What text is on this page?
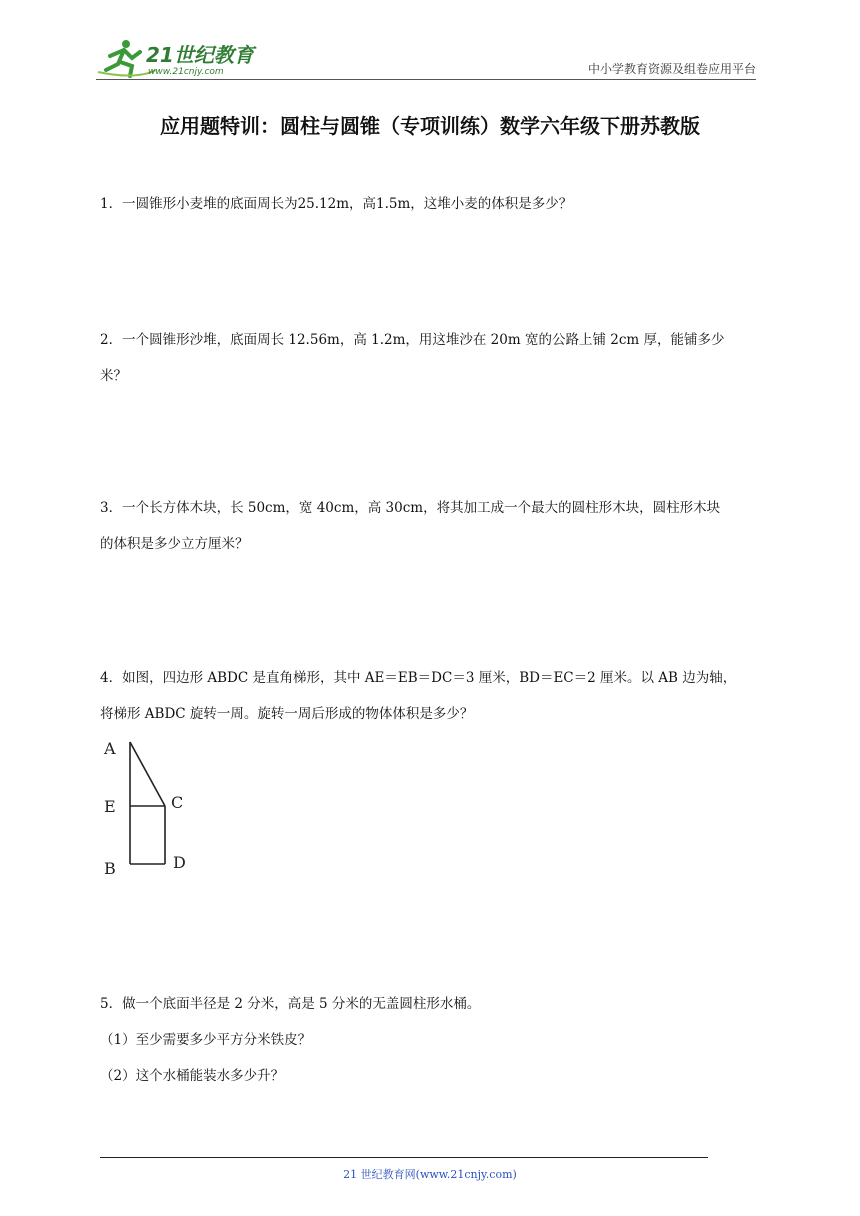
21世纪教育
www.21cnjy.com	中小学教育资源及组卷应用平台
应用题特训：圆柱与圆锥（专项训练）数学六年级下册苏教版

1．一圆锥形小麦堆的底面周长为25.12m，高1.5m，这堆小麦的体积是多少？

2．一个圆锥形沙堆，底面周长 12.56m，高 1.2m，用这堆沙在 20m 宽的公路上铺 2cm 厚，能铺多少

米？

3．一个长方体木块，长 50cm，宽 40cm，高 30cm，将其加工成一个最大的圆柱形木块，圆柱形木块

的体积是多少立方厘米？

4．如图，四边形 ABDC 是直角梯形，其中 AE＝EB＝DC＝3 厘米，BD＝EC＝2 厘米。以 AB 边为轴，

将梯形 ABDC 旋转一周。旋转一周后形成的物体体积是多少？

A
E
B
C
D

5．做一个底面半径是 2 分米，高是 5 分米的无盖圆柱形水桶。

（1）至少需要多少平方分米铁皮？

（2）这个水桶能装水多少升？

21 世纪教育网(www.21cnjy.com)
